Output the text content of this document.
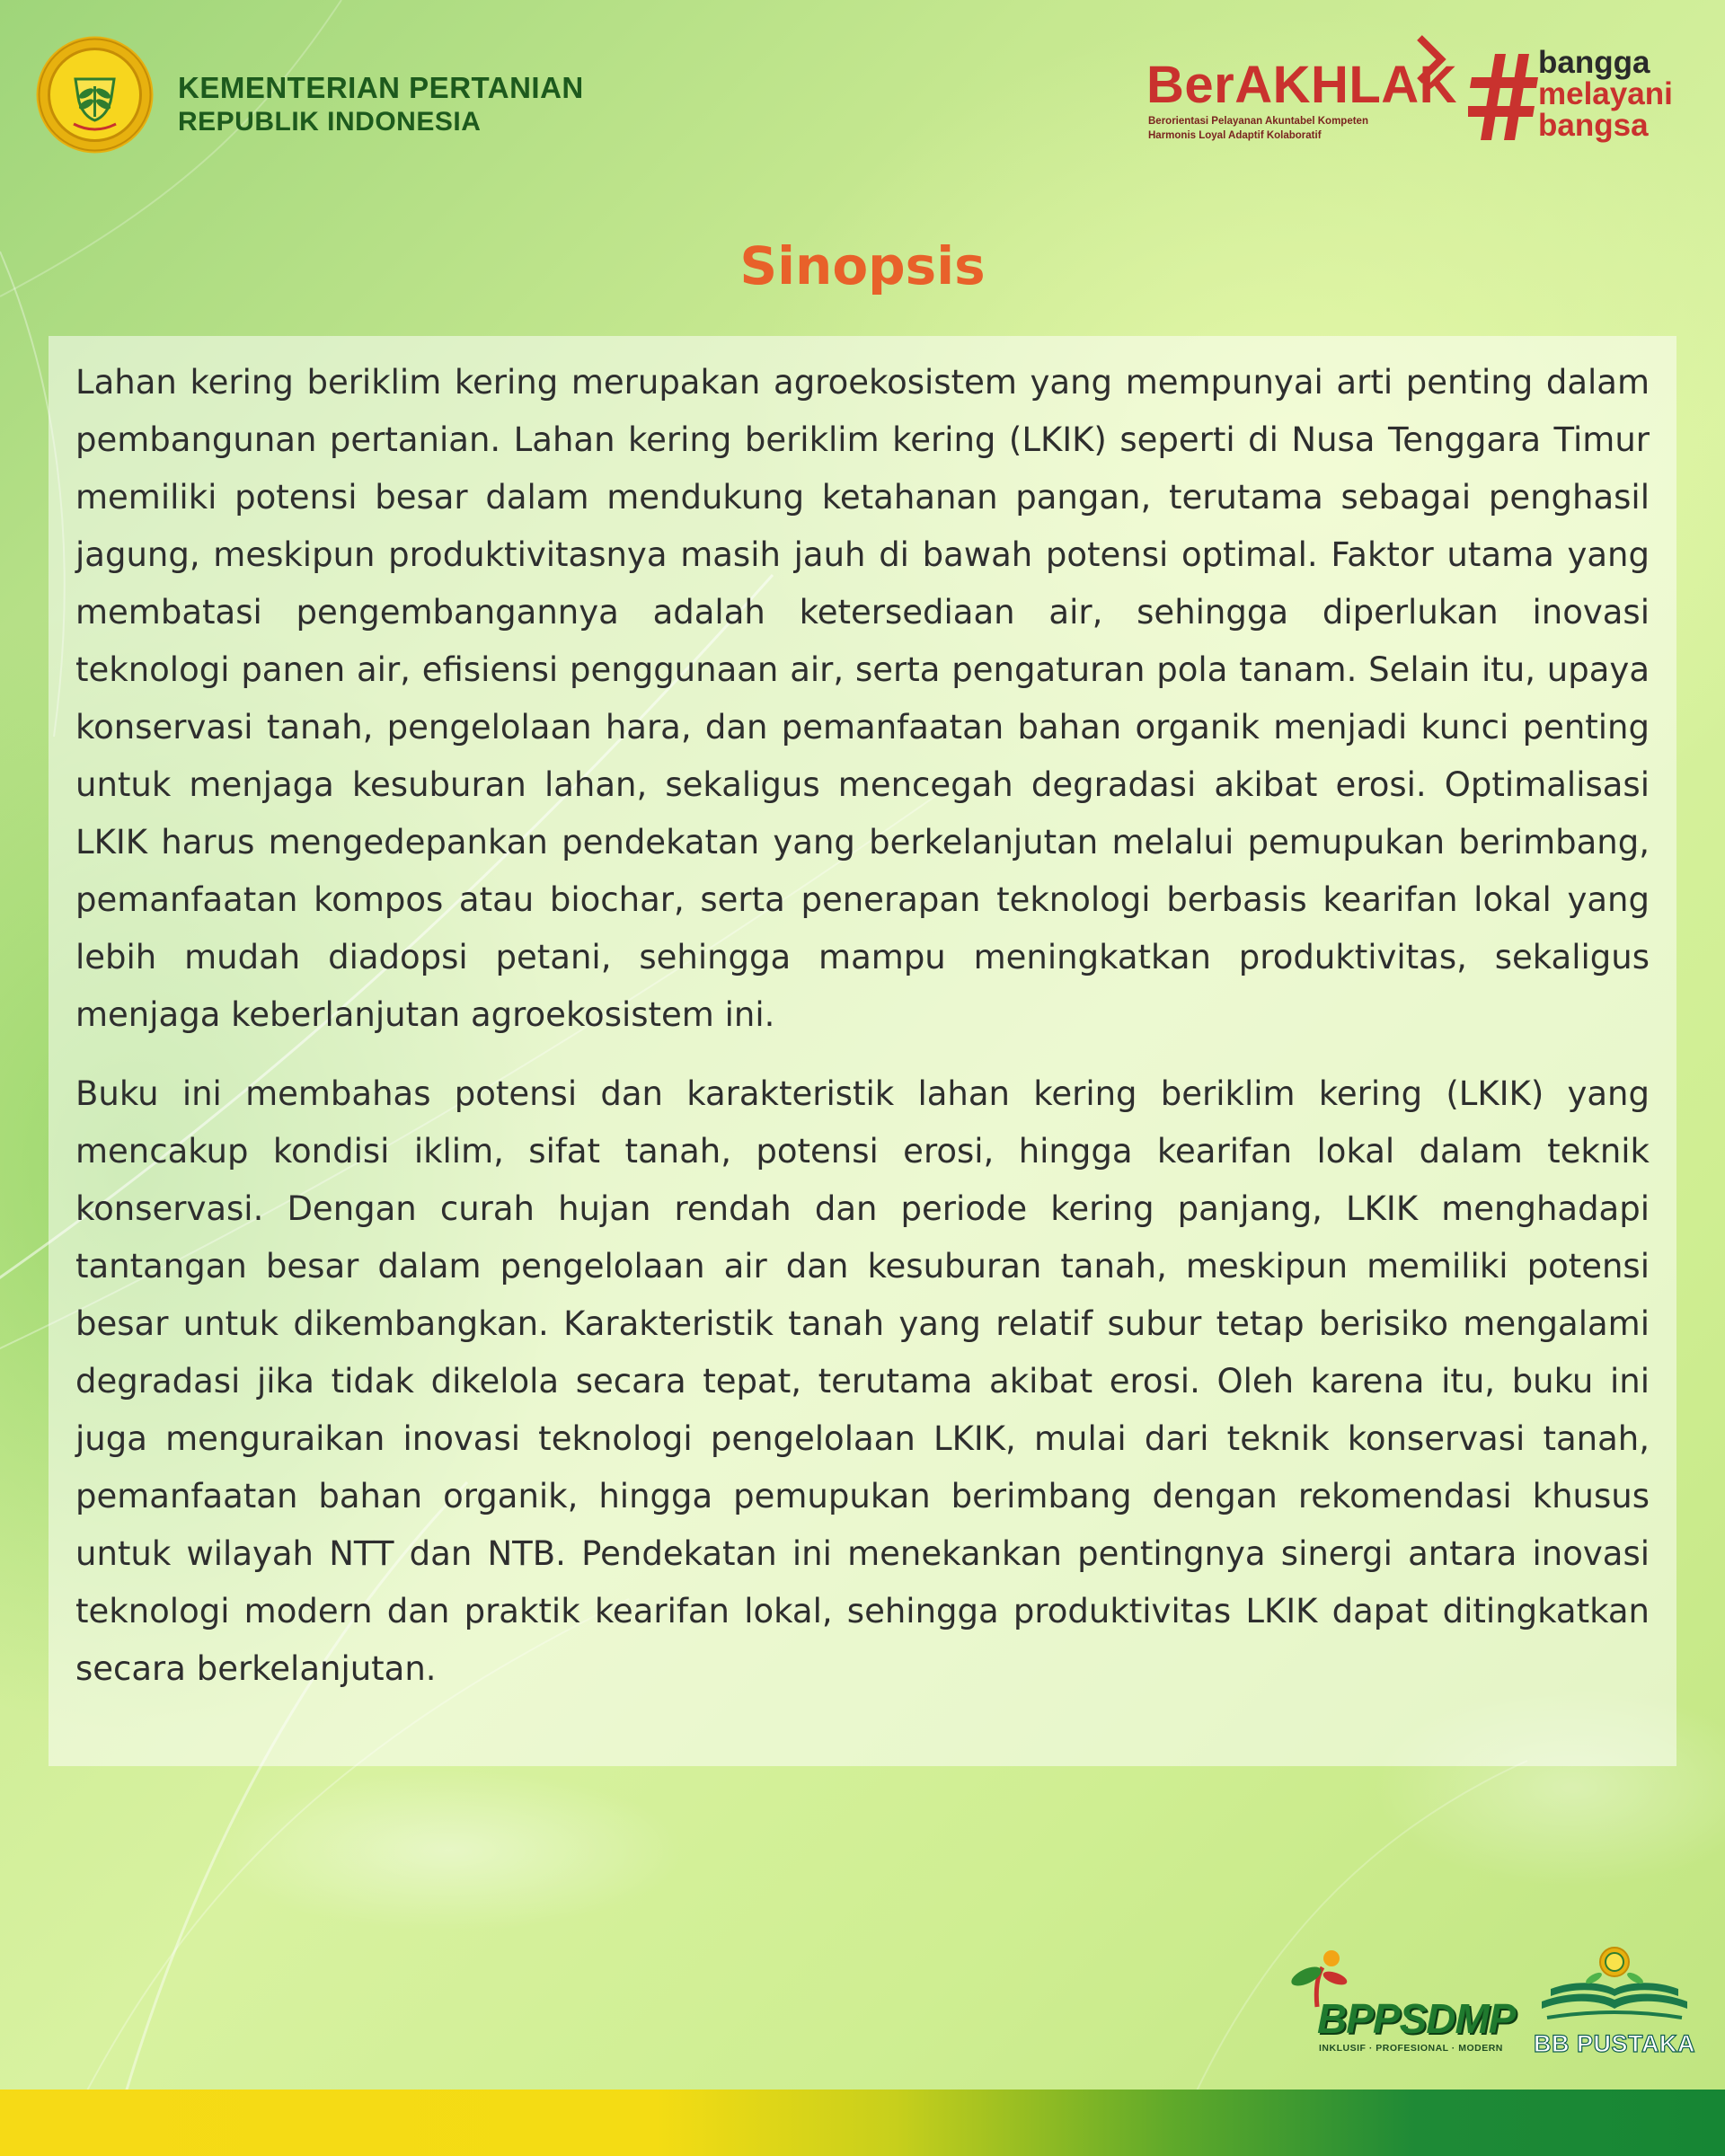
KEMENTERIAN PERTANIAN
REPUBLIK INDONESIA
BerAKHLAK
Berorientasi Pelayanan Akuntabel Kompeten
Harmonis Loyal Adaptif Kolaboratif
bangga
melayani
bangsa
Sinopsis

Lahan kering beriklim kering merupakan agroekosistem yang mempunyai arti penting dalam pembangunan pertanian. Lahan kering beriklim kering (LKIK) seperti di Nusa Tenggara Timur memiliki potensi besar dalam mendukung ketahanan pangan, terutama sebagai penghasil jagung, meskipun produktivitasnya masih jauh di bawah potensi optimal. Faktor utama yang membatasi pengembangannya adalah ketersediaan air, sehingga diperlukan inovasi teknologi panen air, efisiensi penggunaan air, serta pengaturan pola tanam. Selain itu, upaya konservasi tanah, pengelolaan hara, dan pemanfaatan bahan organik menjadi kunci penting untuk menjaga kesuburan lahan, sekaligus mencegah degradasi akibat erosi. Optimalisasi LKIK harus mengedepankan pendekatan yang berkelanjutan melalui pemupukan berimbang, pemanfaatan kompos atau biochar, serta penerapan teknologi berbasis kearifan lokal yang lebih mudah diadopsi petani, sehingga mampu meningkatkan produktivitas, sekaligus menjaga keberlanjutan agroekosistem ini.

Buku ini membahas potensi dan karakteristik lahan kering beriklim kering (LKIK) yang mencakup kondisi iklim, sifat tanah, potensi erosi, hingga kearifan lokal dalam teknik konservasi. Dengan curah hujan rendah dan periode kering panjang, LKIK menghadapi tantangan besar dalam pengelolaan air dan kesuburan tanah, meskipun memiliki potensi besar untuk dikembangkan. Karakteristik tanah yang relatif subur tetap berisiko mengalami degradasi jika tidak dikelola secara tepat, terutama akibat erosi. Oleh karena itu, buku ini juga menguraikan inovasi teknologi pengelolaan LKIK, mulai dari teknik konservasi tanah, pemanfaatan bahan organik, hingga pemupukan berimbang dengan rekomendasi khusus untuk wilayah NTT dan NTB. Pendekatan ini menekankan pentingnya sinergi antara inovasi teknologi modern dan praktik kearifan lokal, sehingga produktivitas LKIK dapat ditingkatkan secara berkelanjutan.

BPPSDMP
INKLUSIF · PROFESIONAL · MODERN BB PUSTAKA
